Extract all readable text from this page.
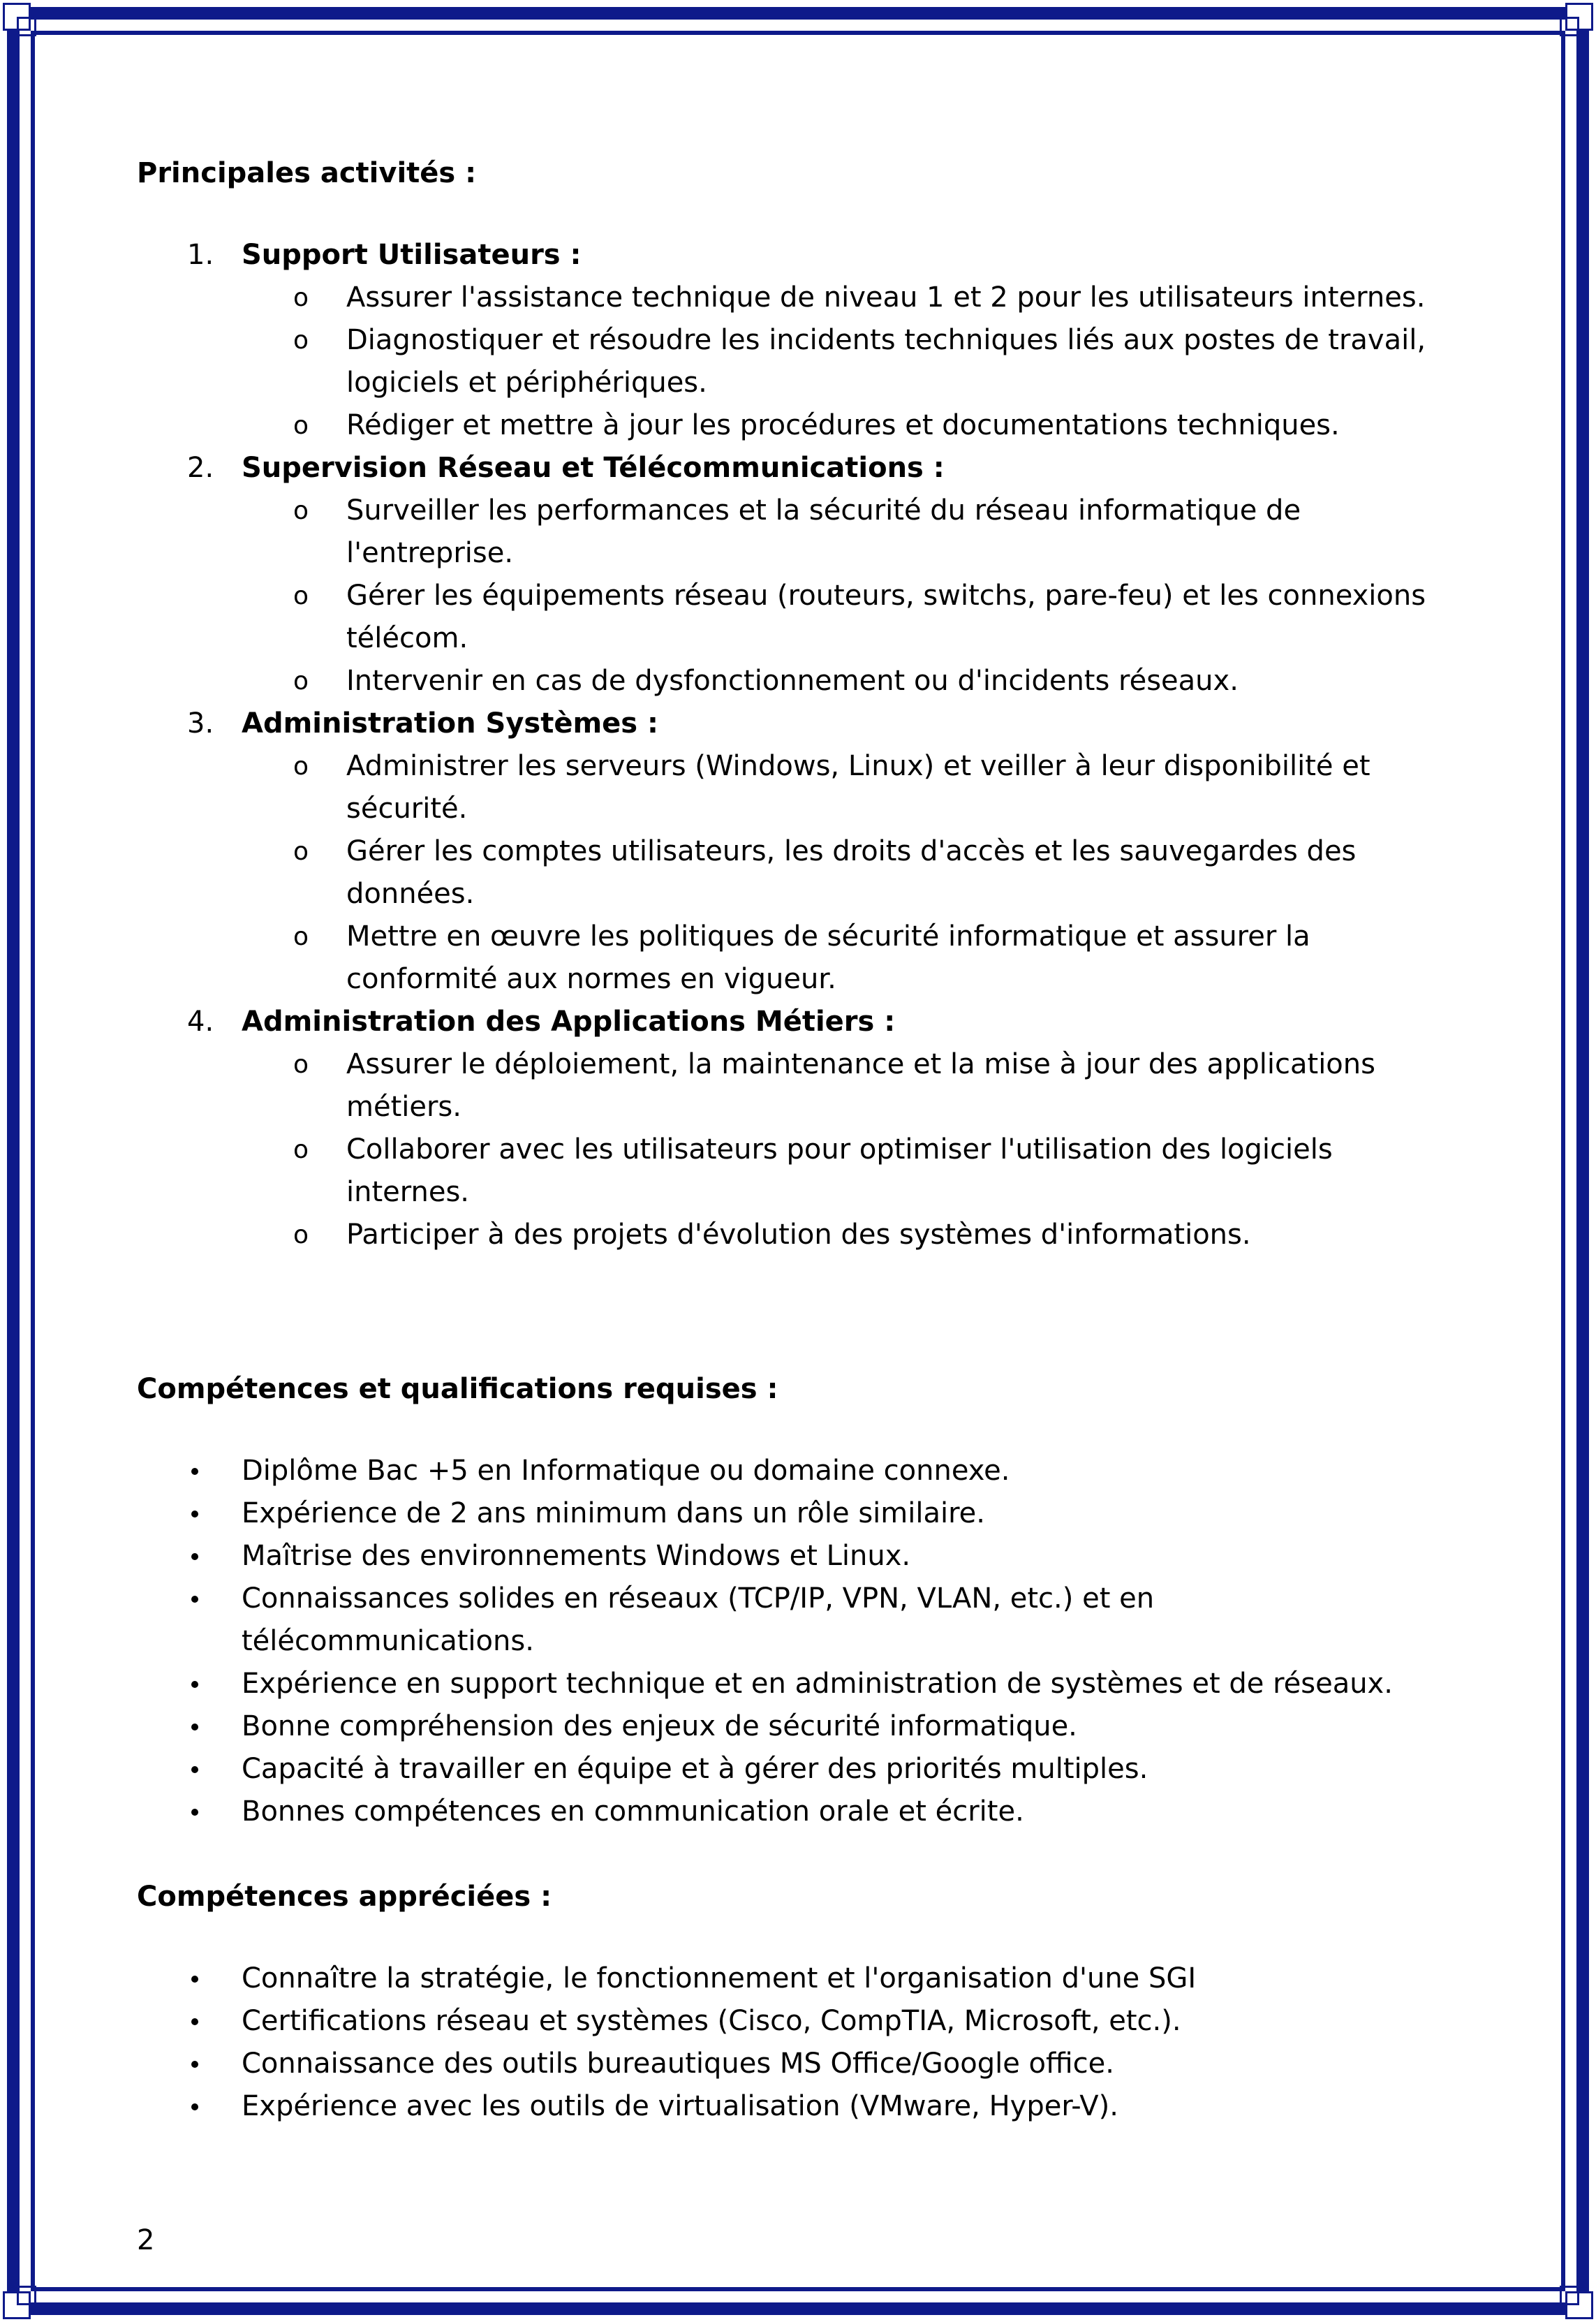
Principales activités :

1. Support Utilisateurs :
o Assurer l'assistance technique de niveau 1 et 2 pour les utilisateurs internes.
o Diagnostiquer et résoudre les incidents techniques liés aux postes de travail, logiciels et périphériques.
o Rédiger et mettre à jour les procédures et documentations techniques.
2. Supervision Réseau et Télécommunications :
o Surveiller les performances et la sécurité du réseau informatique de l'entreprise.
o Gérer les équipements réseau (routeurs, switchs, pare-feu) et les connexions télécom.
o Intervenir en cas de dysfonctionnement ou d'incidents réseaux.
3. Administration Systèmes :
o Administrer les serveurs (Windows, Linux) et veiller à leur disponibilité et sécurité.
o Gérer les comptes utilisateurs, les droits d'accès et les sauvegardes des données.
o Mettre en œuvre les politiques de sécurité informatique et assurer la conformité aux normes en vigueur.
4. Administration des Applications Métiers :
o Assurer le déploiement, la maintenance et la mise à jour des applications métiers.
o Collaborer avec les utilisateurs pour optimiser l'utilisation des logiciels internes.
o Participer à des projets d'évolution des systèmes d'informations.

Compétences et qualifications requises :

Diplôme Bac +5 en Informatique ou domaine connexe.
Expérience de 2 ans minimum dans un rôle similaire.
Maîtrise des environnements Windows et Linux.
Connaissances solides en réseaux (TCP/IP, VPN, VLAN, etc.) et en télécommunications.
Expérience en support technique et en administration de systèmes et de réseaux.
Bonne compréhension des enjeux de sécurité informatique.
Capacité à travailler en équipe et à gérer des priorités multiples.
Bonnes compétences en communication orale et écrite.

Compétences appréciées :

Connaître la stratégie, le fonctionnement et l'organisation d'une SGI
Certifications réseau et systèmes (Cisco, CompTIA, Microsoft, etc.).
Connaissance des outils bureautiques MS Office/Google office.
Expérience avec les outils de virtualisation (VMware, Hyper-V).
2
